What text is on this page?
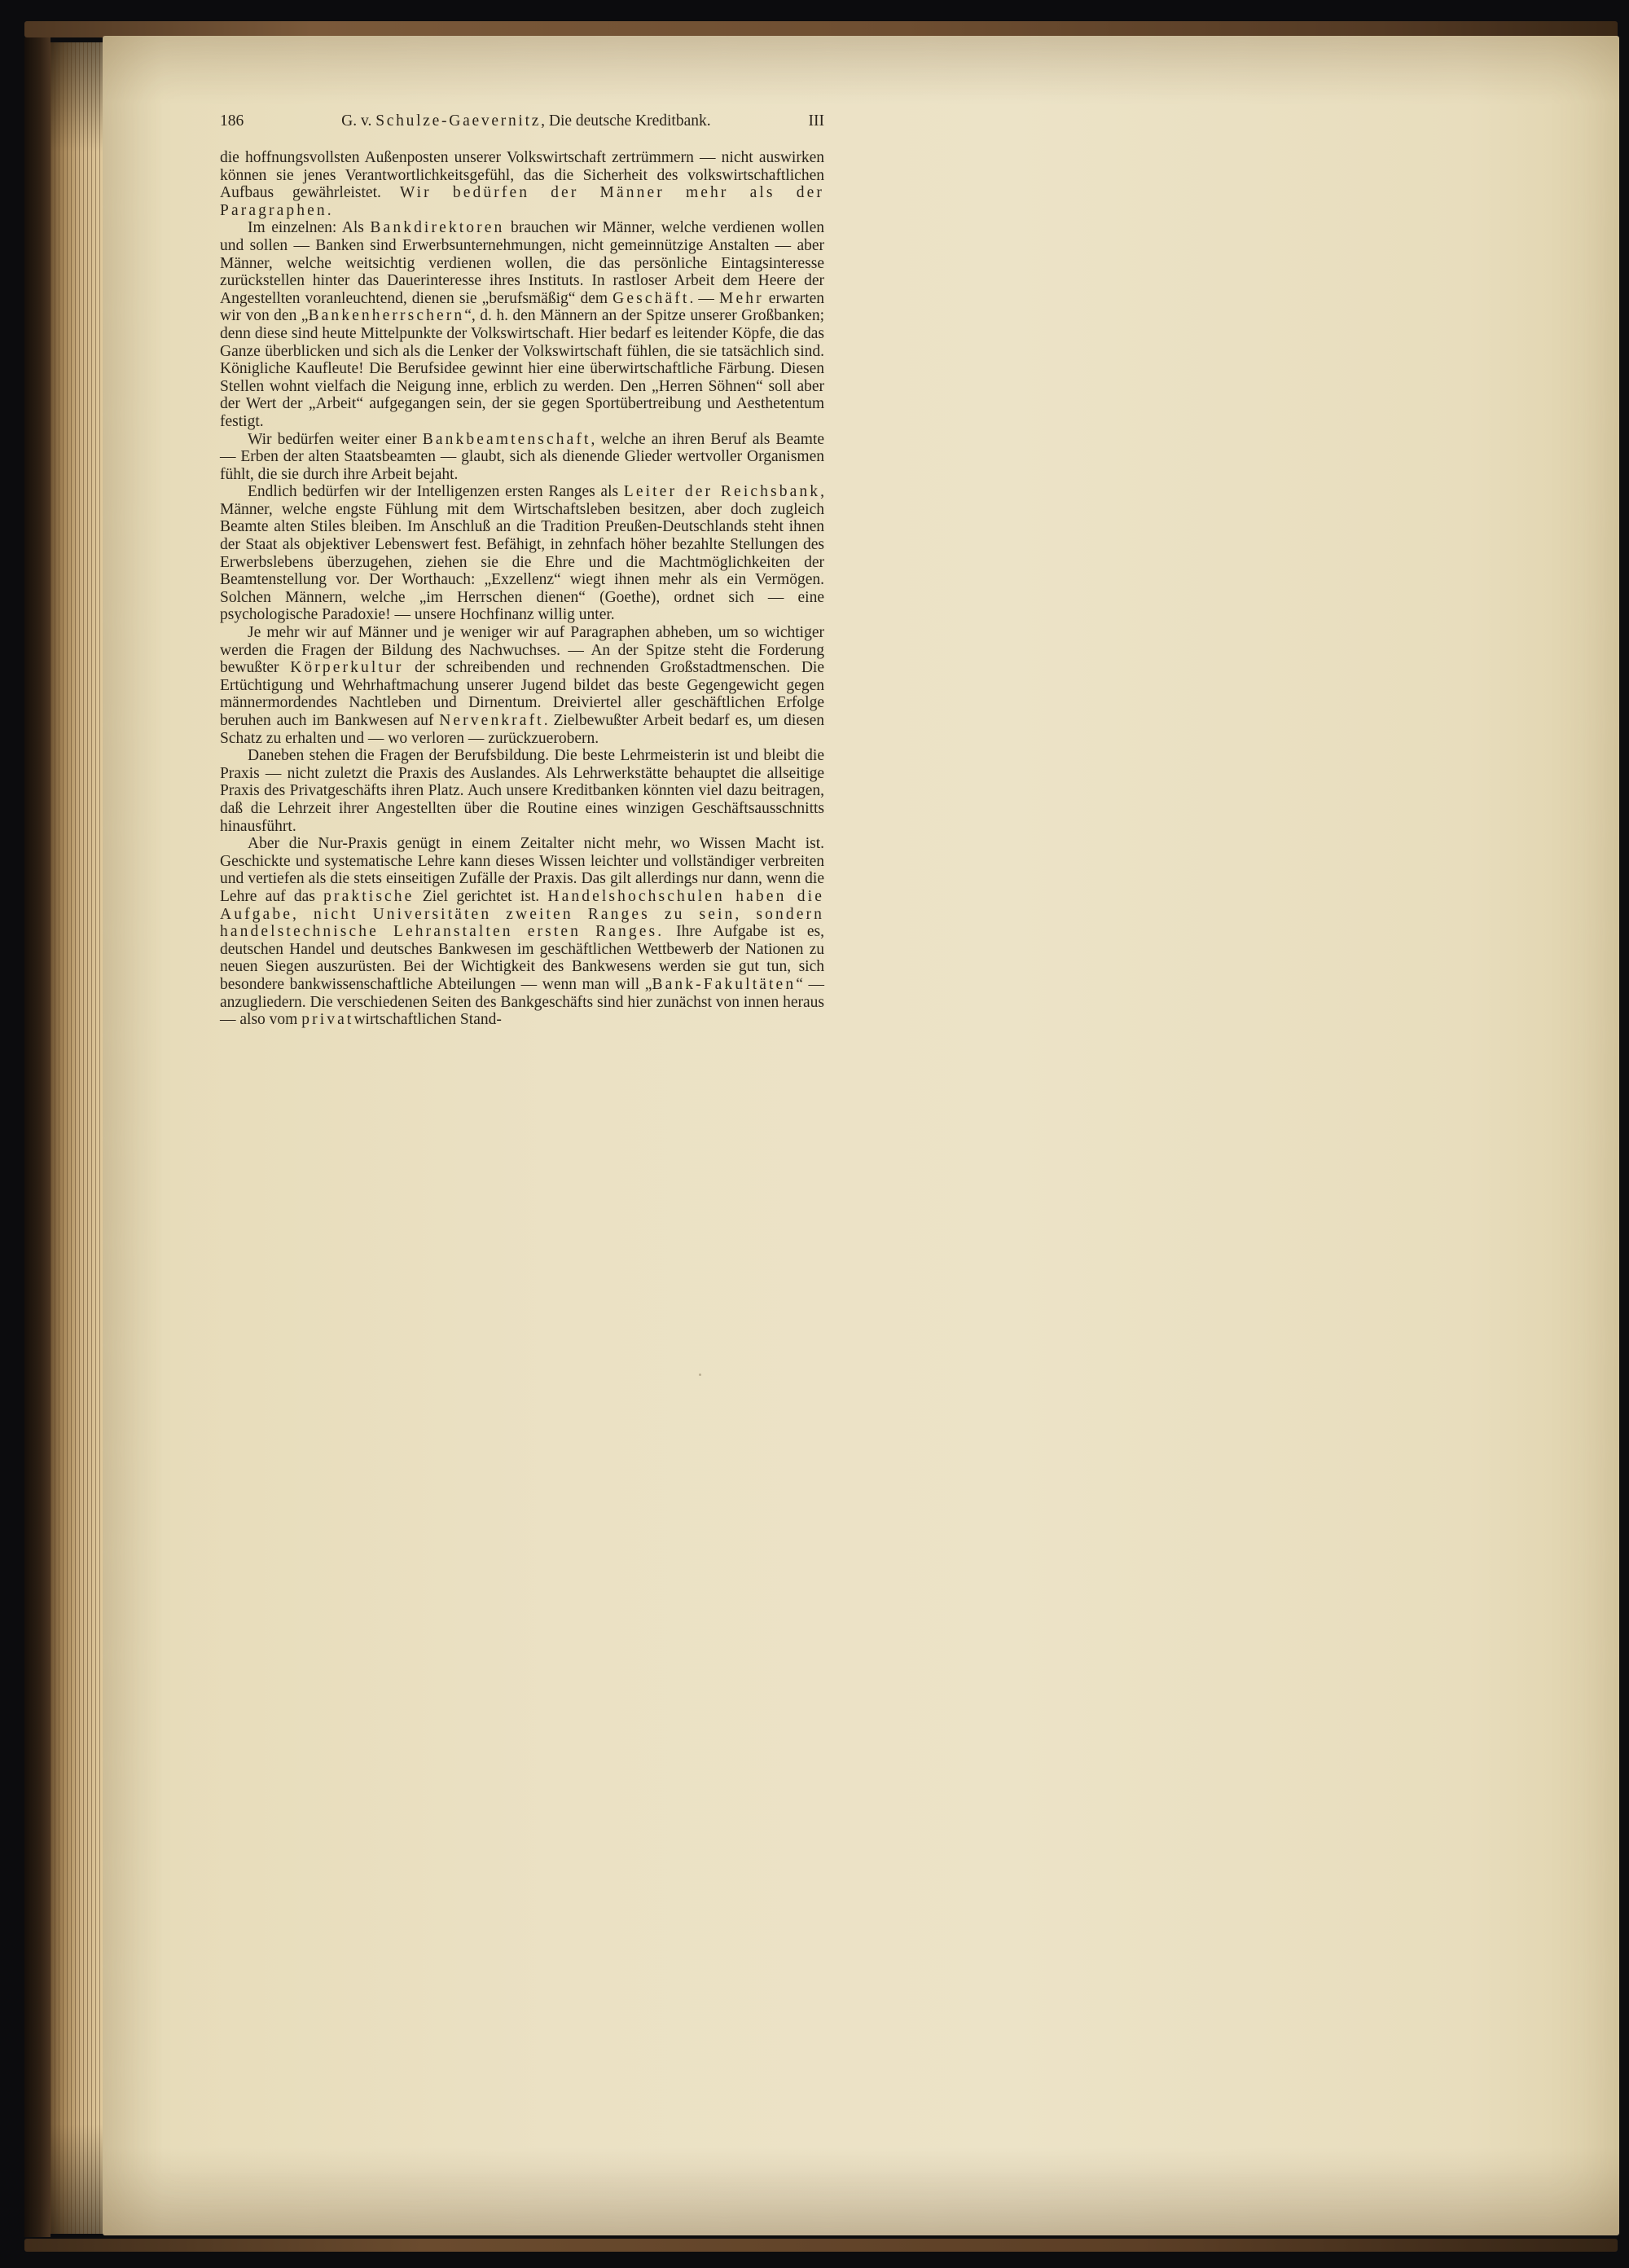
186	G. v. Schulze-Gaevernitz, Die deutsche Kreditbank.	III

die hoffnungsvollsten Außenposten unserer Volkswirtschaft zertrümmern — nicht auswirken können sie jenes Verantwortlichkeitsgefühl, das die Sicherheit des volkswirtschaftlichen Aufbaus gewährleistet. Wir bedürfen der Männer mehr als der Paragraphen.

Im einzelnen: Als Bankdirektoren brauchen wir Männer, welche verdienen wollen und sollen — Banken sind Erwerbsunternehmungen, nicht gemeinnützige Anstalten — aber Männer, welche weitsichtig verdienen wollen, die das persönliche Eintagsinteresse zurückstellen hinter das Dauerinteresse ihres Instituts. In rastloser Arbeit dem Heere der Angestellten voranleuchtend, dienen sie „berufsmäßig“ dem Geschäft. — Mehr erwarten wir von den „Bankenherrschern“, d. h. den Männern an der Spitze unserer Großbanken; denn diese sind heute Mittelpunkte der Volkswirtschaft. Hier bedarf es leitender Köpfe, die das Ganze überblicken und sich als die Lenker der Volkswirtschaft fühlen, die sie tatsächlich sind. Königliche Kaufleute! Die Berufsidee gewinnt hier eine überwirtschaftliche Färbung. Diesen Stellen wohnt vielfach die Neigung inne, erblich zu werden. Den „Herren Söhnen“ soll aber der Wert der „Arbeit“ aufgegangen sein, der sie gegen Sportübertreibung und Aesthetentum festigt.

Wir bedürfen weiter einer Bankbeamtenschaft, welche an ihren Beruf als Beamte — Erben der alten Staatsbeamten — glaubt, sich als dienende Glieder wertvoller Organismen fühlt, die sie durch ihre Arbeit bejaht.

Endlich bedürfen wir der Intelligenzen ersten Ranges als Leiter der Reichsbank, Männer, welche engste Fühlung mit dem Wirtschaftsleben besitzen, aber doch zugleich Beamte alten Stiles bleiben. Im Anschluß an die Tradition Preußen-Deutschlands steht ihnen der Staat als objektiver Lebenswert fest. Befähigt, in zehnfach höher bezahlte Stellungen des Erwerbslebens überzugehen, ziehen sie die Ehre und die Machtmöglichkeiten der Beamtenstellung vor. Der Worthauch: „Exzellenz“ wiegt ihnen mehr als ein Vermögen. Solchen Männern, welche „im Herrschen dienen“ (Goethe), ordnet sich — eine psychologische Paradoxie! — unsere Hochfinanz willig unter.

Je mehr wir auf Männer und je weniger wir auf Paragraphen abheben, um so wichtiger werden die Fragen der Bildung des Nachwuchses. — An der Spitze steht die Forderung bewußter Körperkultur der schreibenden und rechnenden Großstadtmenschen. Die Ertüchtigung und Wehrhaftmachung unserer Jugend bildet das beste Gegengewicht gegen männermordendes Nachtleben und Dirnentum. Dreiviertel aller geschäftlichen Erfolge beruhen auch im Bankwesen auf Nervenkraft. Zielbewußter Arbeit bedarf es, um diesen Schatz zu erhalten und — wo verloren — zurückzuerobern.

Daneben stehen die Fragen der Berufsbildung. Die beste Lehrmeisterin ist und bleibt die Praxis — nicht zuletzt die Praxis des Auslandes. Als Lehrwerkstätte behauptet die allseitige Praxis des Privatgeschäfts ihren Platz. Auch unsere Kreditbanken könnten viel dazu beitragen, daß die Lehrzeit ihrer Angestellten über die Routine eines winzigen Geschäftsausschnitts hinausführt.

Aber die Nur-Praxis genügt in einem Zeitalter nicht mehr, wo Wissen Macht ist. Geschickte und systematische Lehre kann dieses Wissen leichter und vollständiger verbreiten und vertiefen als die stets einseitigen Zufälle der Praxis. Das gilt allerdings nur dann, wenn die Lehre auf das praktische Ziel gerichtet ist. Handelshochschulen haben die Aufgabe, nicht Universitäten zweiten Ranges zu sein, sondern handelstechnische Lehranstalten ersten Ranges. Ihre Aufgabe ist es, deutschen Handel und deutsches Bankwesen im geschäftlichen Wettbewerb der Nationen zu neuen Siegen auszurüsten. Bei der Wichtigkeit des Bankwesens werden sie gut tun, sich besondere bankwissenschaftliche Abteilungen — wenn man will „Bank-Fakultäten“ — anzugliedern. Die verschiedenen Seiten des Bankgeschäfts sind hier zunächst von innen heraus — also vom privatwirtschaftlichen Stand-
